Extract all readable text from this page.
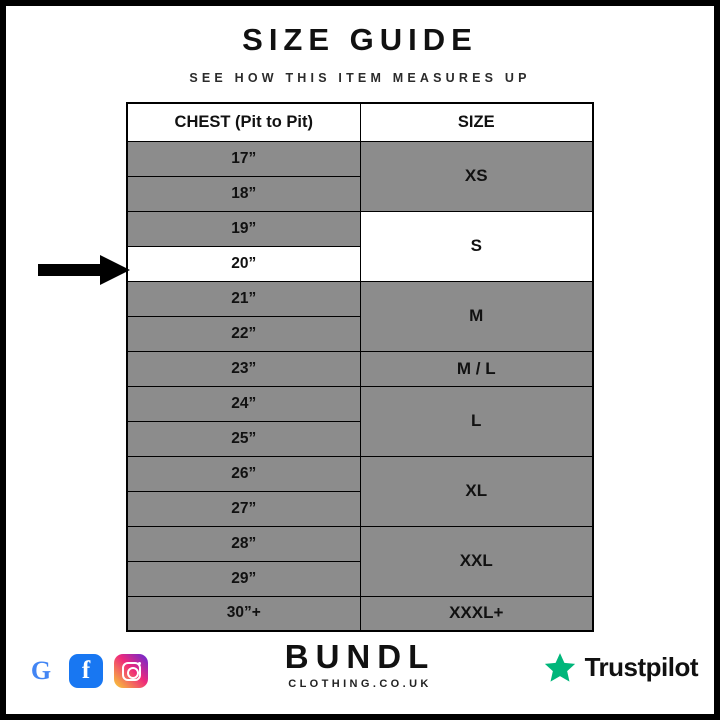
SIZE GUIDE
SEE HOW THIS ITEM MEASURES UP
CHEST (Pit to Pit)	SIZE
17”	XS
18”	
19”	S
20”	
21”	M
22”	
23”	M / L
24”	L
25”	
26”	XL
27”	
28”	XXL
29”	
30”+	XXXL+
G	f	BUNDL
CLOTHING.CO.UK
Trustpilot
